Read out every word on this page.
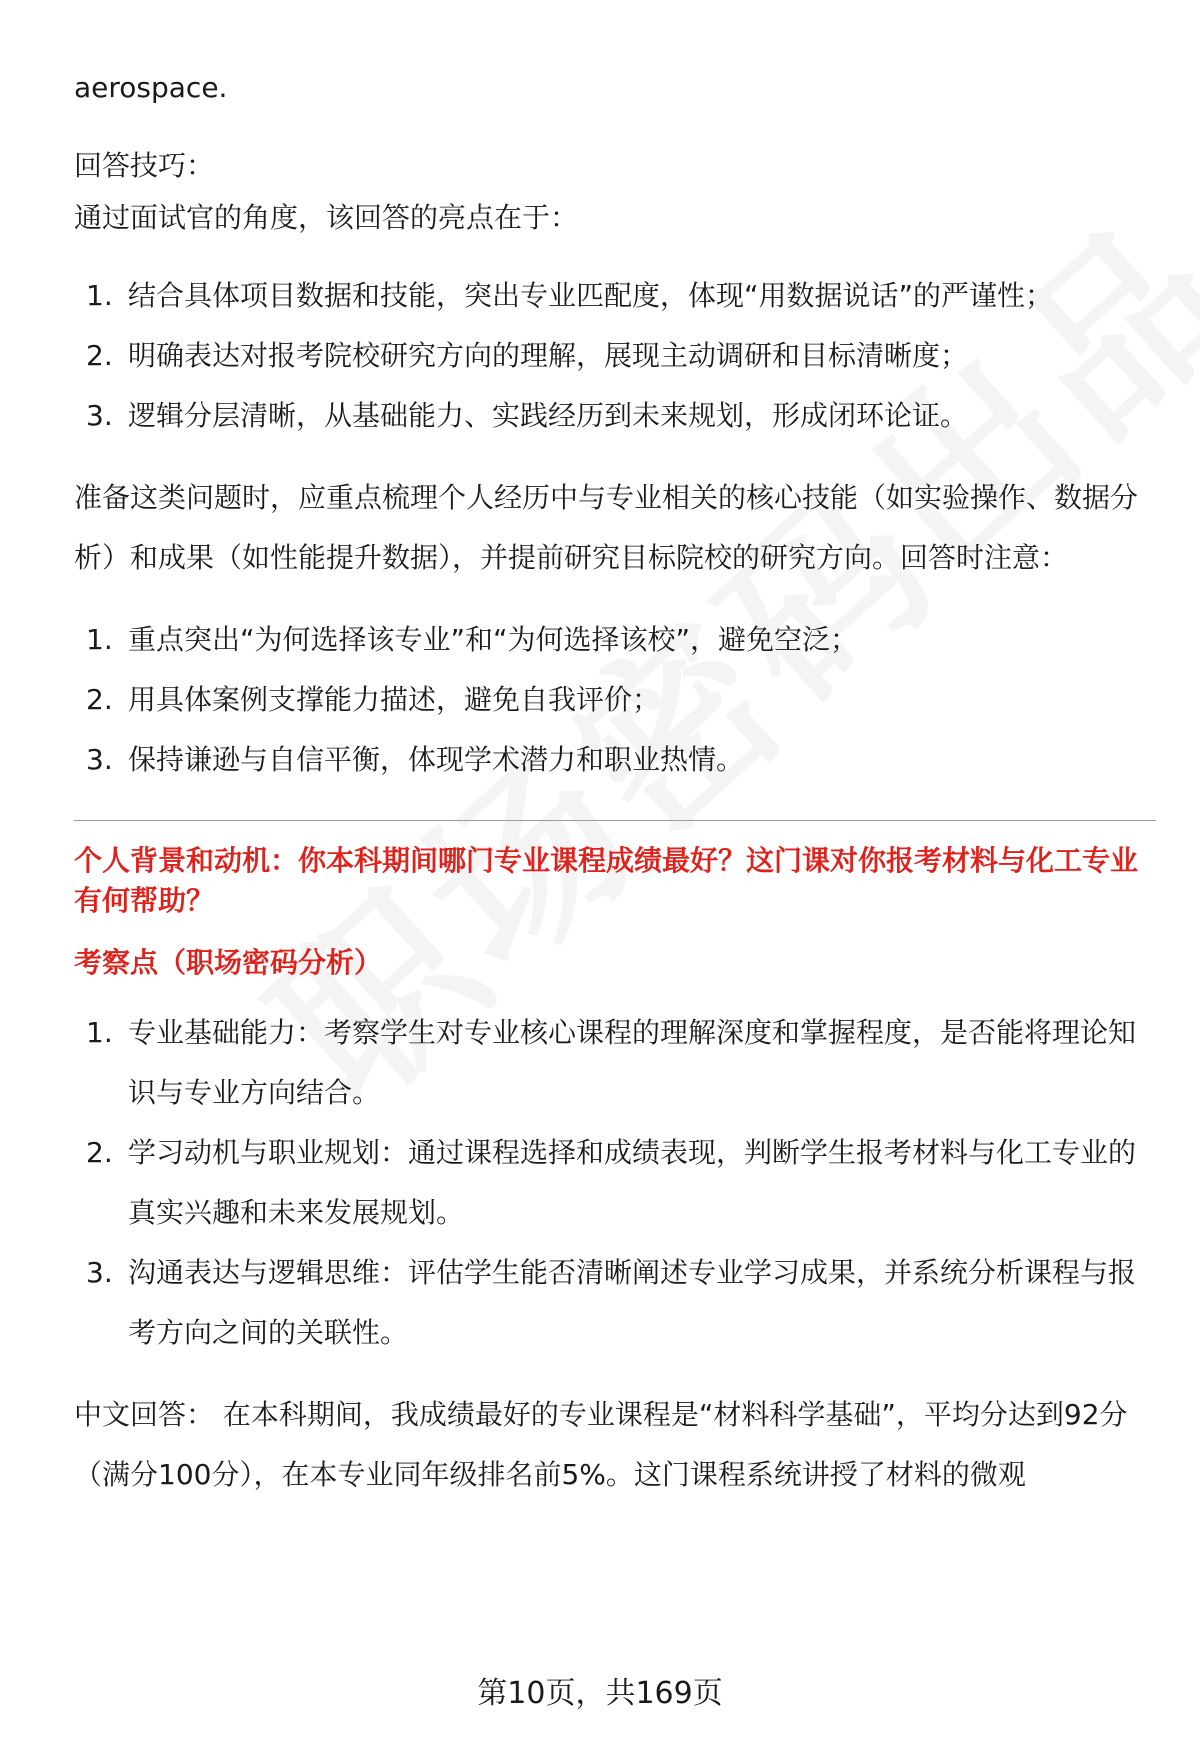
aerospace.

回答技巧：

通过面试官的角度，该回答的亮点在于：

1. 结合具体项目数据和技能，突出专业匹配度，体现“用数据说话”的严谨性；
2. 明确表达对报考院校研究方向的理解，展现主动调研和目标清晰度；
3. 逻辑分层清晰，从基础能力、实践经历到未来规划，形成闭环论证。

准备这类问题时，应重点梳理个人经历中与专业相关的核心技能（如实验操作、数据分析）和成果（如性能提升数据），并提前研究目标院校的研究方向。回答时注意：

1. 重点突出“为何选择该专业”和“为何选择该校”，避免空泛；
2. 用具体案例支撑能力描述，避免自我评价；
3. 保持谦逊与自信平衡，体现学术潜力和职业热情。

个人背景和动机：你本科期间哪门专业课程成绩最好？这门课对你报考材料与化工专业有何帮助？

考察点（职场密码分析）

1. 专业基础能力：考察学生对专业核心课程的理解深度和掌握程度，是否能将理论知识与专业方向结合。
2. 学习动机与职业规划：通过课程选择和成绩表现，判断学生报考材料与化工专业的真实兴趣和未来发展规划。
3. 沟通表达与逻辑思维：评估学生能否清晰阐述专业学习成果，并系统分析课程与报考方向之间的关联性。

中文回答： 在本科期间，我成绩最好的专业课程是“材料科学基础”，平均分达到92分（满分100分），在本专业同年级排名前5%。这门课程系统讲授了材料的微观

第10页，共169页
